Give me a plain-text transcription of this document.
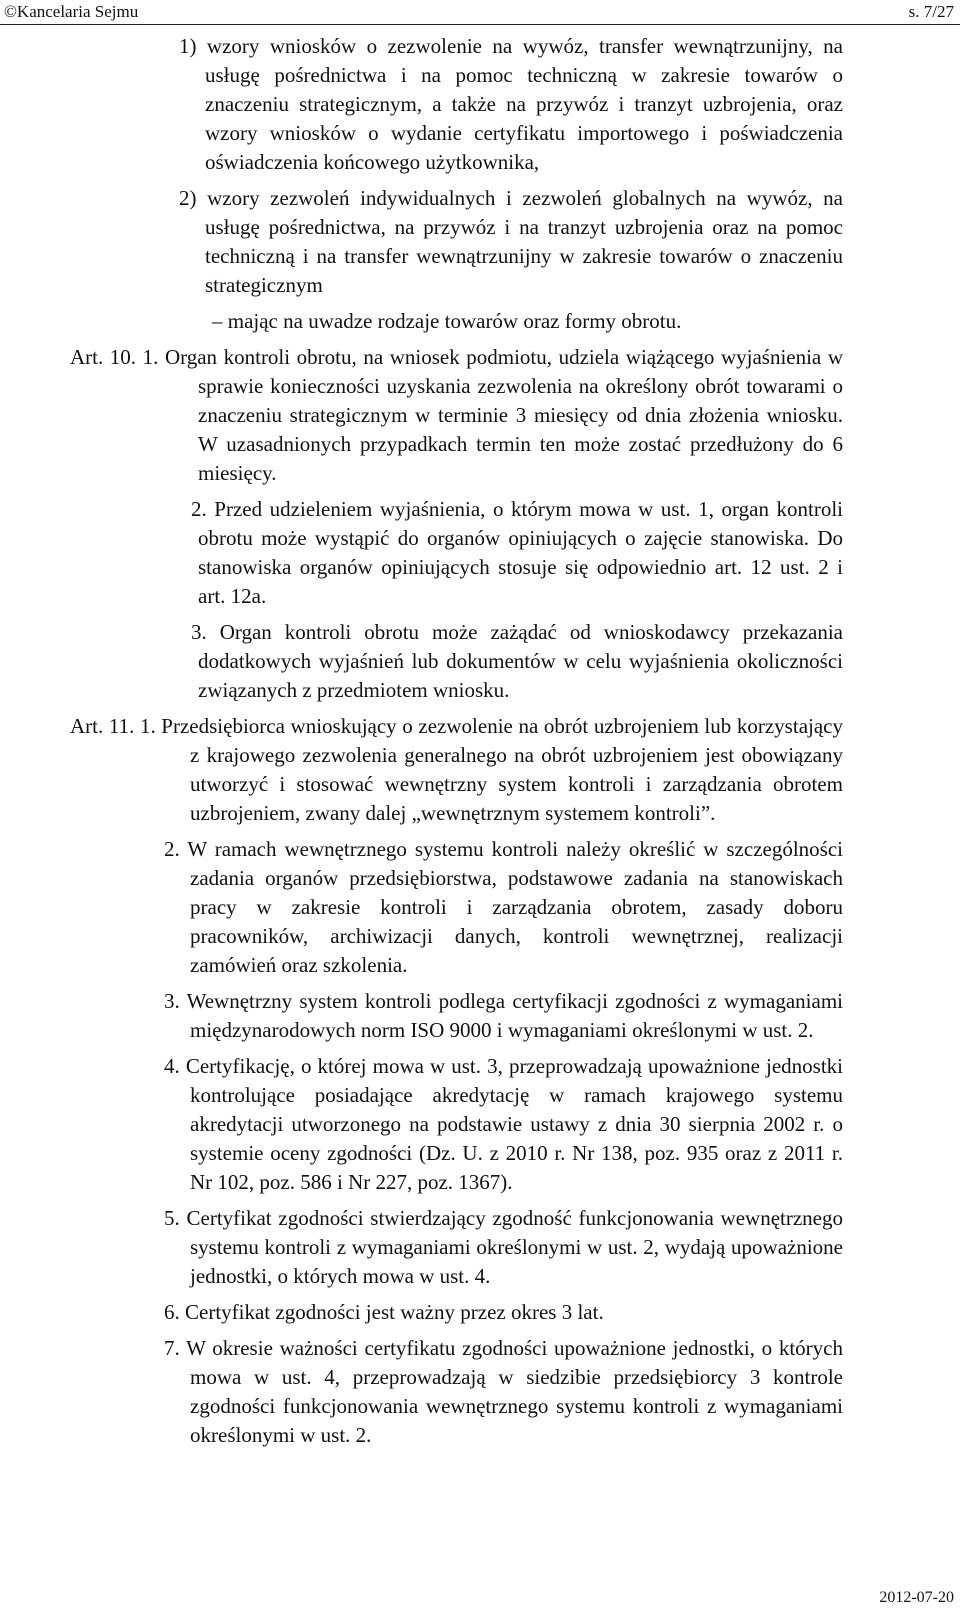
©Kancelaria Sejmu	s. 7/27

1) wzory wniosków o zezwolenie na wywóz, transfer wewnątrzunijny, na usługę pośrednictwa i na pomoc techniczną w zakresie towarów o znaczeniu strategicznym, a także na przywóz i tranzyt uzbrojenia, oraz wzory wniosków o wydanie certyfikatu importowego i poświadczenia oświadczenia końcowego użytkownika,

2) wzory zezwoleń indywidualnych i zezwoleń globalnych na wywóz, na usługę pośrednictwa, na przywóz i na tranzyt uzbrojenia oraz na pomoc techniczną i na transfer wewnątrzunijny w zakresie towarów o znaczeniu strategicznym

– mając na uwadze rodzaje towarów oraz formy obrotu.

Art. 10. 1. Organ kontroli obrotu, na wniosek podmiotu, udziela wiążącego wyjaśnienia w sprawie konieczności uzyskania zezwolenia na określony obrót towarami o znaczeniu strategicznym w terminie 3 miesięcy od dnia złożenia wniosku. W uzasadnionych przypadkach termin ten może zostać przedłużony do 6 miesięcy.

2. Przed udzieleniem wyjaśnienia, o którym mowa w ust. 1, organ kontroli obrotu może wystąpić do organów opiniujących o zajęcie stanowiska. Do stanowiska organów opiniujących stosuje się odpowiednio art. 12 ust. 2 i art. 12a.

3. Organ kontroli obrotu może zażądać od wnioskodawcy przekazania dodatkowych wyjaśnień lub dokumentów w celu wyjaśnienia okoliczności związanych z przedmiotem wniosku.

Art. 11. 1. Przedsiębiorca wnioskujący o zezwolenie na obrót uzbrojeniem lub korzystający z krajowego zezwolenia generalnego na obrót uzbrojeniem jest obowiązany utworzyć i stosować wewnętrzny system kontroli i zarządzania obrotem uzbrojeniem, zwany dalej „wewnętrznym systemem kontroli”.

2. W ramach wewnętrznego systemu kontroli należy określić w szczególności zadania organów przedsiębiorstwa, podstawowe zadania na stanowiskach pracy w zakresie kontroli i zarządzania obrotem, zasady doboru pracowników, archiwizacji danych, kontroli wewnętrznej, realizacji zamówień oraz szkolenia.

3. Wewnętrzny system kontroli podlega certyfikacji zgodności z wymaganiami międzynarodowych norm ISO 9000 i wymaganiami określonymi w ust. 2.

4. Certyfikację, o której mowa w ust. 3, przeprowadzają upoważnione jednostki kontrolujące posiadające akredytację w ramach krajowego systemu akredytacji utworzonego na podstawie ustawy z dnia 30 sierpnia 2002 r. o systemie oceny zgodności (Dz. U. z 2010 r. Nr 138, poz. 935 oraz z 2011 r. Nr 102, poz. 586 i Nr 227, poz. 1367).

5. Certyfikat zgodności stwierdzający zgodność funkcjonowania wewnętrznego systemu kontroli z wymaganiami określonymi w ust. 2, wydają upoważnione jednostki, o których mowa w ust. 4.

6. Certyfikat zgodności jest ważny przez okres 3 lat.

7. W okresie ważności certyfikatu zgodności upoważnione jednostki, o których mowa w ust. 4, przeprowadzają w siedzibie przedsiębiorcy 3 kontrole zgodności funkcjonowania wewnętrznego systemu kontroli z wymaganiami określonymi w ust. 2.

2012-07-20
